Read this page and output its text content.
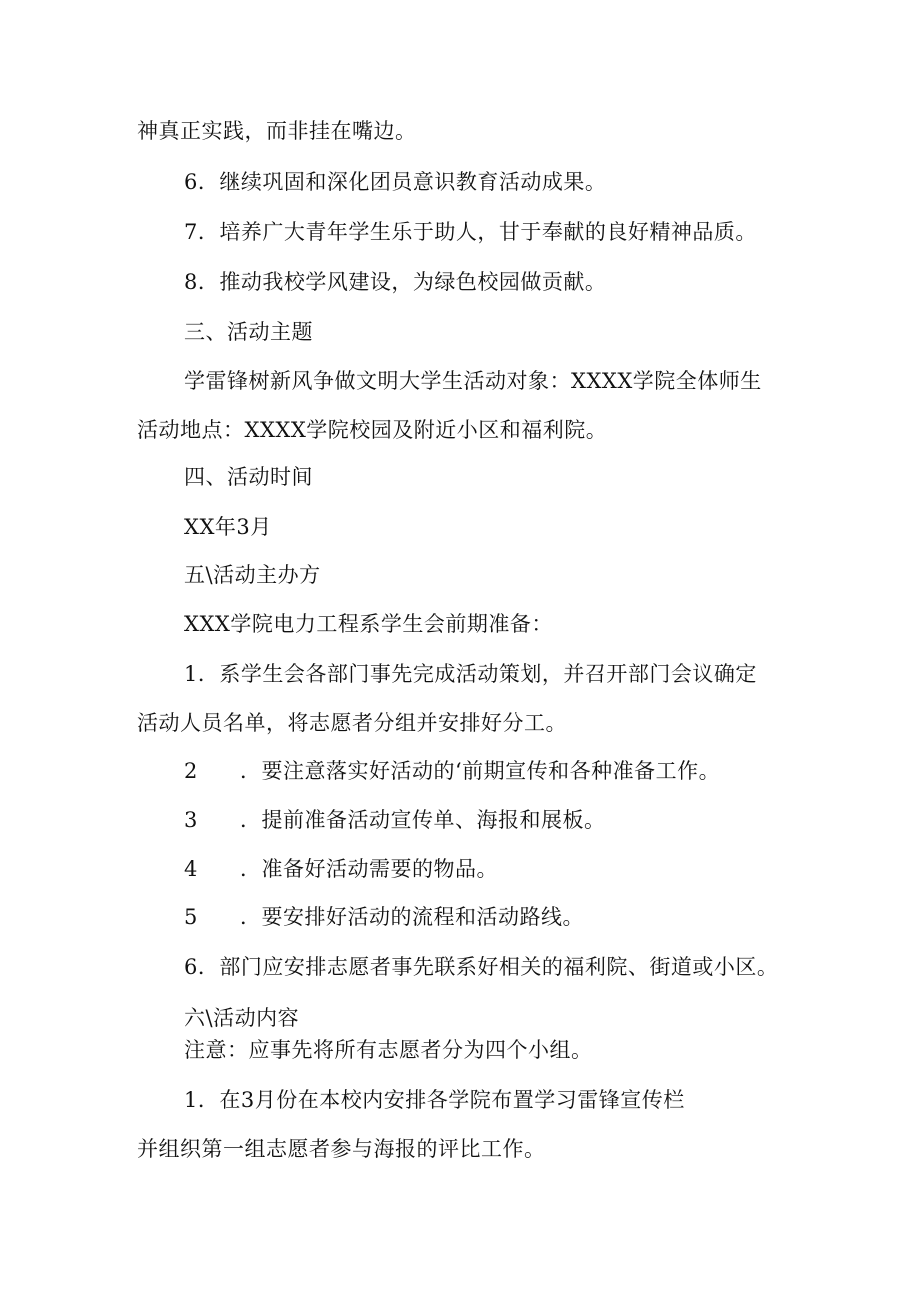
神真正实践，而非挂在嘴边。
6．继续巩固和深化团员意识教育活动成果。
7．培养广大青年学生乐于助人，甘于奉献的良好精神品质。
8．推动我校学风建设，为绿色校园做贡献。
三、活动主题
学雷锋树新风争做文明大学生活动对象：XXXX学院全体师生
活动地点：XXXX学院校园及附近小区和福利院。
四、活动时间
XX年3月
五\活动主办方
XXX学院电力工程系学生会前期准备：
1．系学生会各部门事先完成活动策划，并召开部门会议确定
活动人员名单，将志愿者分组并安排好分工。
2 ．要注意落实好活动的‘前期宣传和各种准备工作。
3 ．提前准备活动宣传单、海报和展板。
4 ．准备好活动需要的物品。
5 ．要安排好活动的流程和活动路线。
6．部门应安排志愿者事先联系好相关的福利院、街道或小区。
六\活动内容
注意：应事先将所有志愿者分为四个小组。
1．在3月份在本校内安排各学院布置学习雷锋宣传栏
并组织第一组志愿者参与海报的评比工作。
